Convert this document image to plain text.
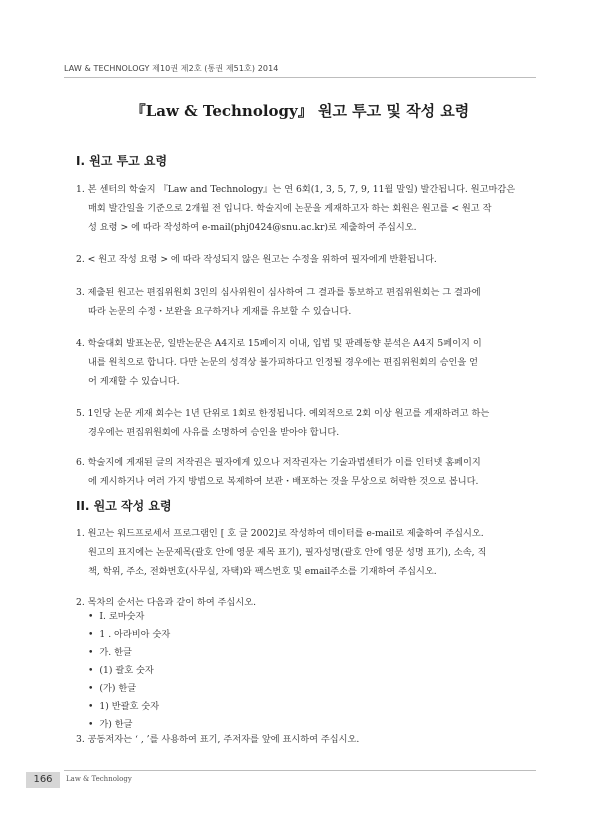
LAW & TECHNOLOGY 제10권 제2호 (통권 제51호) 2014
『Law & Technology』 원고 투고 및 작성 요령
I. 원고 투고 요령

1. 본 센터의 학술지 『Law and Technology』는 연 6회(1, 3, 5, 7, 9, 11월 말일) 발간됩니다. 원고마감은
매회 발간일을 기준으로 2개월 전 입니다. 학술지에 논문을 게재하고자 하는 회원은 원고를 < 원고 작
성 요령 > 에 따라 작성하여 e-mail(phj0424@snu.ac.kr)로 제출하여 주십시오.

2. < 원고 작성 요령 > 에 따라 작성되지 않은 원고는 수정을 위하여 필자에게 반환됩니다.

3. 제출된 원고는 편집위원회 3인의 심사위원이 심사하여 그 결과를 통보하고 편집위원회는 그 결과에
따라 논문의 수정・보완을 요구하거나 게재를 유보할 수 있습니다.

4. 학술대회 발표논문, 일반논문은 A4지로 15페이지 이내, 입법 및 판례동향 분석은 A4지 5페이지 이
내를 원칙으로 합니다. 다만 논문의 성격상 불가피하다고 인정될 경우에는 편집위원회의 승인을 얻
어 게재할 수 있습니다.

5. 1인당 논문 게재 회수는 1년 단위로 1회로 한정됩니다. 예외적으로 2회 이상 원고를 게재하려고 하는
경우에는 편집위원회에 사유를 소명하여 승인을 받아야 합니다.

6. 학술지에 게재된 글의 저작권은 필자에게 있으나 저작권자는 기술과법센터가 이를 인터넷 홈페이지
에 게시하거나 여러 가지 방법으로 복제하여 보관・배포하는 것을 무상으로 허락한 것으로 봅니다.

II. 원고 작성 요령

1. 원고는 워드프로세서 프로그램인 [ 호 글 2002]로 작성하여 데이터를 e-mail로 제출하여 주십시오.
원고의 표지에는 논문제목(괄호 안에 영문 제목 표기), 필자성명(괄호 안에 영문 성명 표기), 소속, 직
책, 학위, 주소, 전화번호(사무실, 자택)와 팩스번호 및 email주소를 기재하여 주십시오.

2. 목차의 순서는 다음과 같이 하여 주십시오.
• Ⅰ. 로마숫자
• 1 . 아라비아 숫자
• 가. 한글
• (1) 괄호 숫자
• (가) 한글
• 1) 반괄호 숫자
• 가) 한글
3. 공동저자는 ‘ , ’를 사용하여 표기, 주저자를 앞에 표시하여 주십시오.
166	Law & Technology
